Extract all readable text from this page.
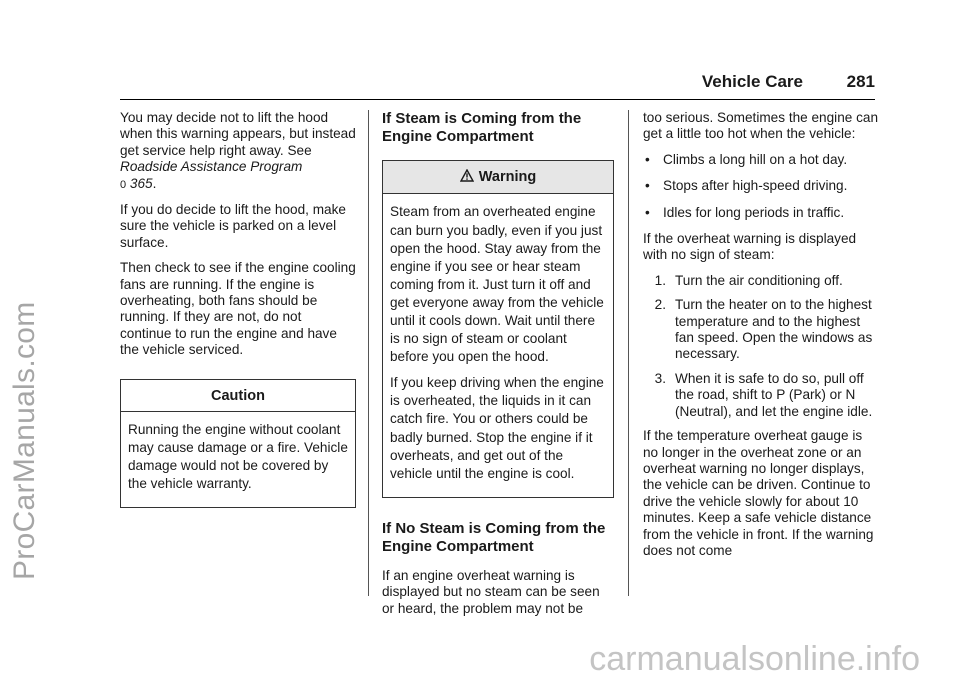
ProCarManuals.com
carmanualsonline.info
Vehicle Care	281

You may decide not to lift the hood when this warning appears, but instead get service help right away. See Roadside Assistance Program
0 365.

If you do decide to lift the hood, make sure the vehicle is parked on a level surface.

Then check to see if the engine cooling fans are running. If the engine is overheating, both fans should be running. If they are not, do not continue to run the engine and have the vehicle serviced.

Caution

Running the engine without coolant may cause damage or a fire. Vehicle damage would not be covered by the vehicle warranty.

If Steam is Coming from the Engine Compartment
Warning

Steam from an overheated engine can burn you badly, even if you just open the hood. Stay away from the engine if you see or hear steam coming from it. Just turn it off and get everyone away from the vehicle until it cools down. Wait until there is no sign of steam or coolant before you open the hood.

If you keep driving when the engine is overheated, the liquids in it can catch fire. You or others could be badly burned. Stop the engine if it overheats, and get out of the vehicle until the engine is cool.

If No Steam is Coming from the Engine Compartment

If an engine overheat warning is displayed but no steam can be seen or heard, the problem may not be

too serious. Sometimes the engine can get a little too hot when the vehicle:

• Climbs a long hill on a hot day.
• Stops after high-speed driving.
• Idles for long periods in traffic.

If the overheat warning is displayed with no sign of steam:

1. Turn the air conditioning off.
2. Turn the heater on to the highest temperature and to the highest fan speed. Open the windows as necessary.
3. When it is safe to do so, pull off the road, shift to P (Park) or N (Neutral), and let the engine idle.

If the temperature overheat gauge is no longer in the overheat zone or an overheat warning no longer displays, the vehicle can be driven. Continue to drive the vehicle slowly for about 10 minutes. Keep a safe vehicle distance from the vehicle in front. If the warning does not come
